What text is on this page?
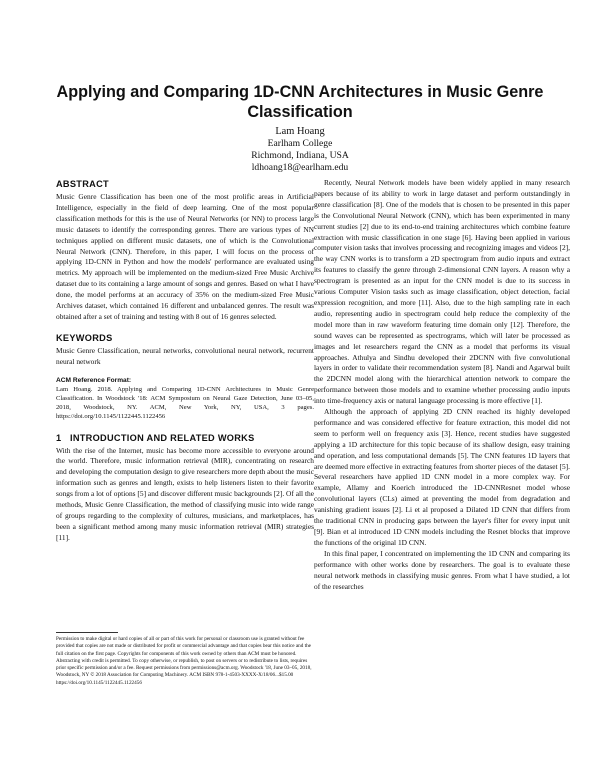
Applying and Comparing 1D-CNN Architectures in Music Genre Classification
Lam Hoang
Earlham College
Richmond, Indiana, USA
ldhoang18@earlham.edu
ABSTRACT

Music Genre Classification has been one of the most prolific areas in Artificial Intelligence, especially in the field of deep learning. One of the most popular classification methods for this is the use of Neural Networks (or NN) to process large music datasets to identify the corresponding genres. There are various types of NN techniques applied on different music datasets, one of which is the Convolutional Neural Network (CNN). Therefore, in this paper, I will focus on the process of applying 1D-CNN in Python and how the models' performance are evaluated using metrics. My approach will be implemented on the medium-sized Free Music Archive dataset due to its containing a large amount of songs and genres. Based on what I have done, the model performs at an accuracy of 35% on the medium-sized Free Music Archives dataset, which contained 16 different and unbalanced genres. The result was obtained after a set of training and testing with 8 out of 16 genres selected.

KEYWORDS

Music Genre Classification, neural networks, convolutional neural network, recurrent neural network

ACM Reference Format:

Lam Hoang. 2018. Applying and Comparing 1D-CNN Architectures in Music Genre Classification. In Woodstock '18: ACM Symposium on Neural Gaze Detection, June 03–05, 2018, Woodstock, NY. ACM, New York, NY, USA, 3 pages. https://doi.org/10.1145/1122445.1122456

1   INTRODUCTION AND RELATED WORKS

With the rise of the Internet, music has become more accessible to everyone around the world. Therefore, music information retrieval (MIR), concentrating on research and developing the computation design to give researchers more depth about the music information such as genres and length, exists to help listeners listen to their favorite songs from a lot of options [5] and discover different music backgrounds [2]. Of all the methods, Music Genre Classification, the method of classifying music into wide range of groups regarding to the complexity of cultures, musicians, and marketplaces, has been a significant method among many music information retrieval (MIR) strategies [11].

Permission to make digital or hard copies of all or part of this work for personal or classroom use is granted without fee provided that copies are not made or distributed for profit or commercial advantage and that copies bear this notice and the full citation on the first page. Copyrights for components of this work owned by others than ACM must be honored. Abstracting with credit is permitted. To copy otherwise, or republish, to post on servers or to redistribute to lists, requires prior specific permission and/or a fee. Request permissions from permissions@acm.org. Woodstock '18, June 03–05, 2018, Woodstock, NY © 2018 Association for Computing Machinery. ACM ISBN 978-1-4503-XXXX-X/18/06...$15.00 https://doi.org/10.1145/1122445.1122456

Recently, Neural Network models have been widely applied in many research papers because of its ability to work in large dataset and perform outstandingly in genre classification [8]. One of the models that is chosen to be presented in this paper is the Convolutional Neural Network (CNN), which has been experimented in many current studies [2] due to its end-to-end training architectures which combine feature extraction with music classification in one stage [6]. Having been applied in various computer vision tasks that involves processing and recognizing images and videos [2], the way CNN works is to transform a 2D spectrogram from audio inputs and extract its features to classify the genre through 2-dimensional CNN layers. A reason why a spectrogram is presented as an input for the CNN model is due to its success in various Computer Vision tasks such as image classification, object detection, facial expression recognition, and more [11]. Also, due to the high sampling rate in each audio, representing audio in spectrogram could help reduce the complexity of the model more than in raw waveform featuring time domain only [12]. Therefore, the sound waves can be represented as spectrograms, which will later be processed as images and let researchers regard the CNN as a model that performs its visual approaches. Athulya and Sindhu developed their 2DCNN with five convolutional layers in order to validate their recommendation system [8]. Nandi and Agarwal built the 2DCNN model along with the hierarchical attention network to compare the performance between those models and to examine whether processing audio inputs into time-frequency axis or natural language processing is more effective [1].

Although the approach of applying 2D CNN reached its highly developed performance and was considered effective for feature extraction, this model did not seem to perform well on frequency axis [3]. Hence, recent studies have suggested applying a 1D architecture for this topic because of its shallow design, easy training and operation, and less computational demands [5]. The CNN features 1D layers that are deemed more effective in extracting features from shorter pieces of the dataset [5]. Several researchers have applied 1D CNN model in a more complex way. For example, Allamy and Koerich introduced the 1D-CNNResnet model whose convolutional layers (CLs) aimed at preventing the model from degradation and vanishing gradient issues [2]. Li et al proposed a Dilated 1D CNN that differs from the traditional CNN in producing gaps between the layer's filter for every input unit [9]. Bian et al introduced 1D CNN models including the Resnet blocks that improve the functions of the original 1D CNN.

In this final paper, I concentrated on implementing the 1D CNN and comparing its performance with other works done by researchers. The goal is to evaluate these neural network methods in classifying music genres. From what I have studied, a lot of the researches
